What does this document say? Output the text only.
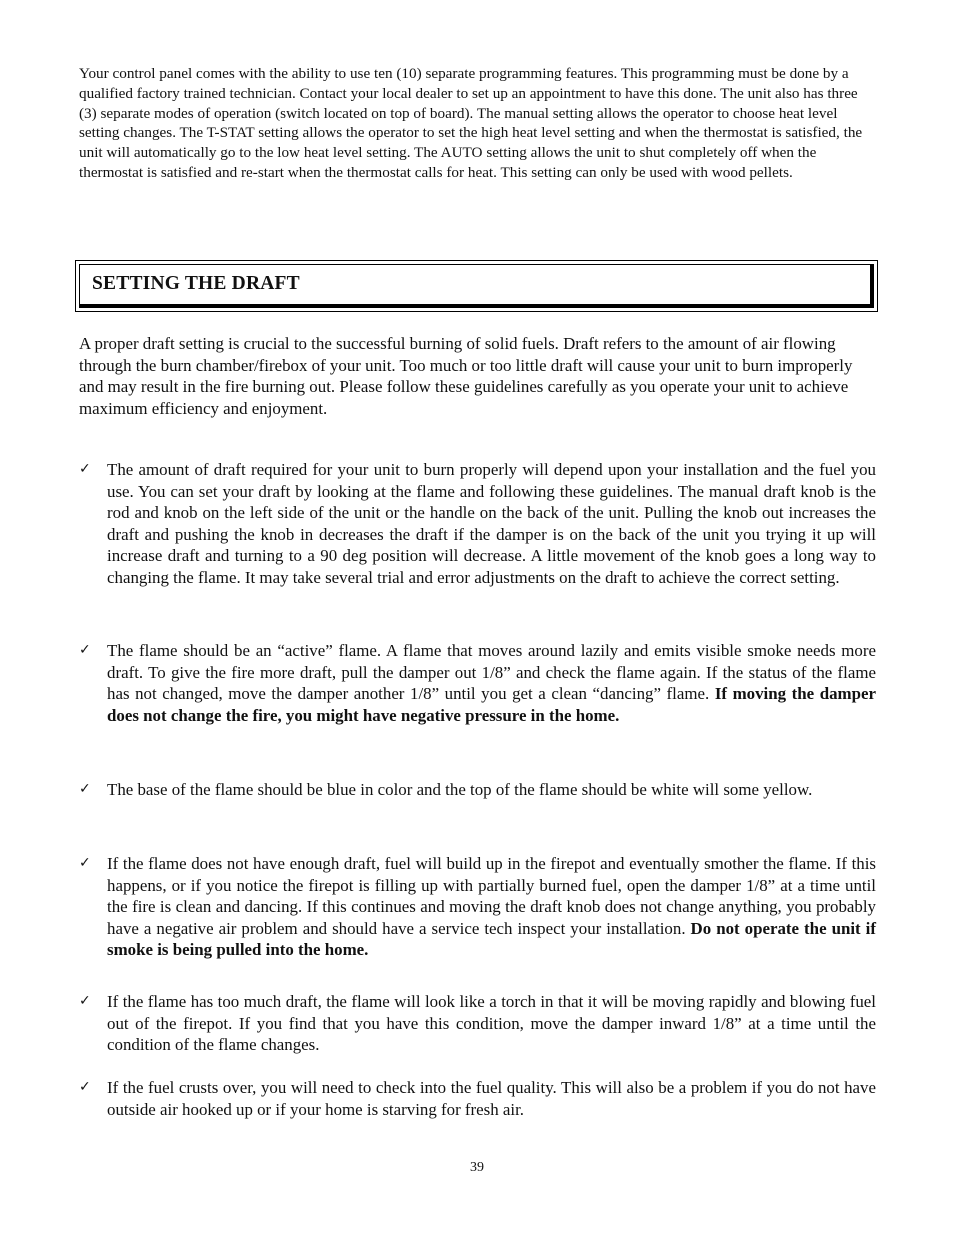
Your control panel comes with the ability to use ten (10) separate programming features. This programming must be done by a qualified factory trained technician. Contact your local dealer to set up an appointment to have this done. The unit also has three (3) separate modes of operation (switch located on top of board). The manual setting allows the operator to choose heat level setting changes. The T-STAT setting allows the operator to set the high heat level setting and when the thermostat is satisfied, the unit will automatically go to the low heat level setting. The AUTO setting allows the unit to shut completely off when the thermostat is satisfied and re-start when the thermostat calls for heat. This setting can only be used with wood pellets.

SETTING THE DRAFT

A proper draft setting is crucial to the successful burning of solid fuels. Draft refers to the amount of air flowing through the burn chamber/firebox of your unit. Too much or too little draft will cause your unit to burn improperly and may result in the fire burning out. Please follow these guidelines carefully as you operate your unit to achieve maximum efficiency and enjoyment.

✓ The amount of draft required for your unit to burn properly will depend upon your installation and the fuel you use. You can set your draft by looking at the flame and following these guidelines. The manual draft knob is the rod and knob on the left side of the unit or the handle on the back of the unit. Pulling the knob out increases the draft and pushing the knob in decreases the draft if the damper is on the back of the unit you trying it up will increase draft and turning to a 90 deg position will decrease. A little movement of the knob goes a long way to changing the flame. It may take several trial and error adjustments on the draft to achieve the correct setting.

✓ The flame should be an “active” flame. A flame that moves around lazily and emits visible smoke needs more draft. To give the fire more draft, pull the damper out 1/8” and check the flame again. If the status of the flame has not changed, move the damper another 1/8” until you get a clean “dancing” flame. If moving the damper does not change the fire, you might have negative pressure in the home.

✓ The base of the flame should be blue in color and the top of the flame should be white will some yellow.

✓ If the flame does not have enough draft, fuel will build up in the firepot and eventually smother the flame. If this happens, or if you notice the firepot is filling up with partially burned fuel, open the damper 1/8” at a time until the fire is clean and dancing. If this continues and moving the draft knob does not change anything, you probably have a negative air problem and should have a service tech inspect your installation. Do not operate the unit if smoke is being pulled into the home.

✓ If the flame has too much draft, the flame will look like a torch in that it will be moving rapidly and blowing fuel out of the firepot. If you find that you have this condition, move the damper inward 1/8” at a time until the condition of the flame changes.

✓ If the fuel crusts over, you will need to check into the fuel quality. This will also be a problem if you do not have outside air hooked up or if your home is starving for fresh air.

39
